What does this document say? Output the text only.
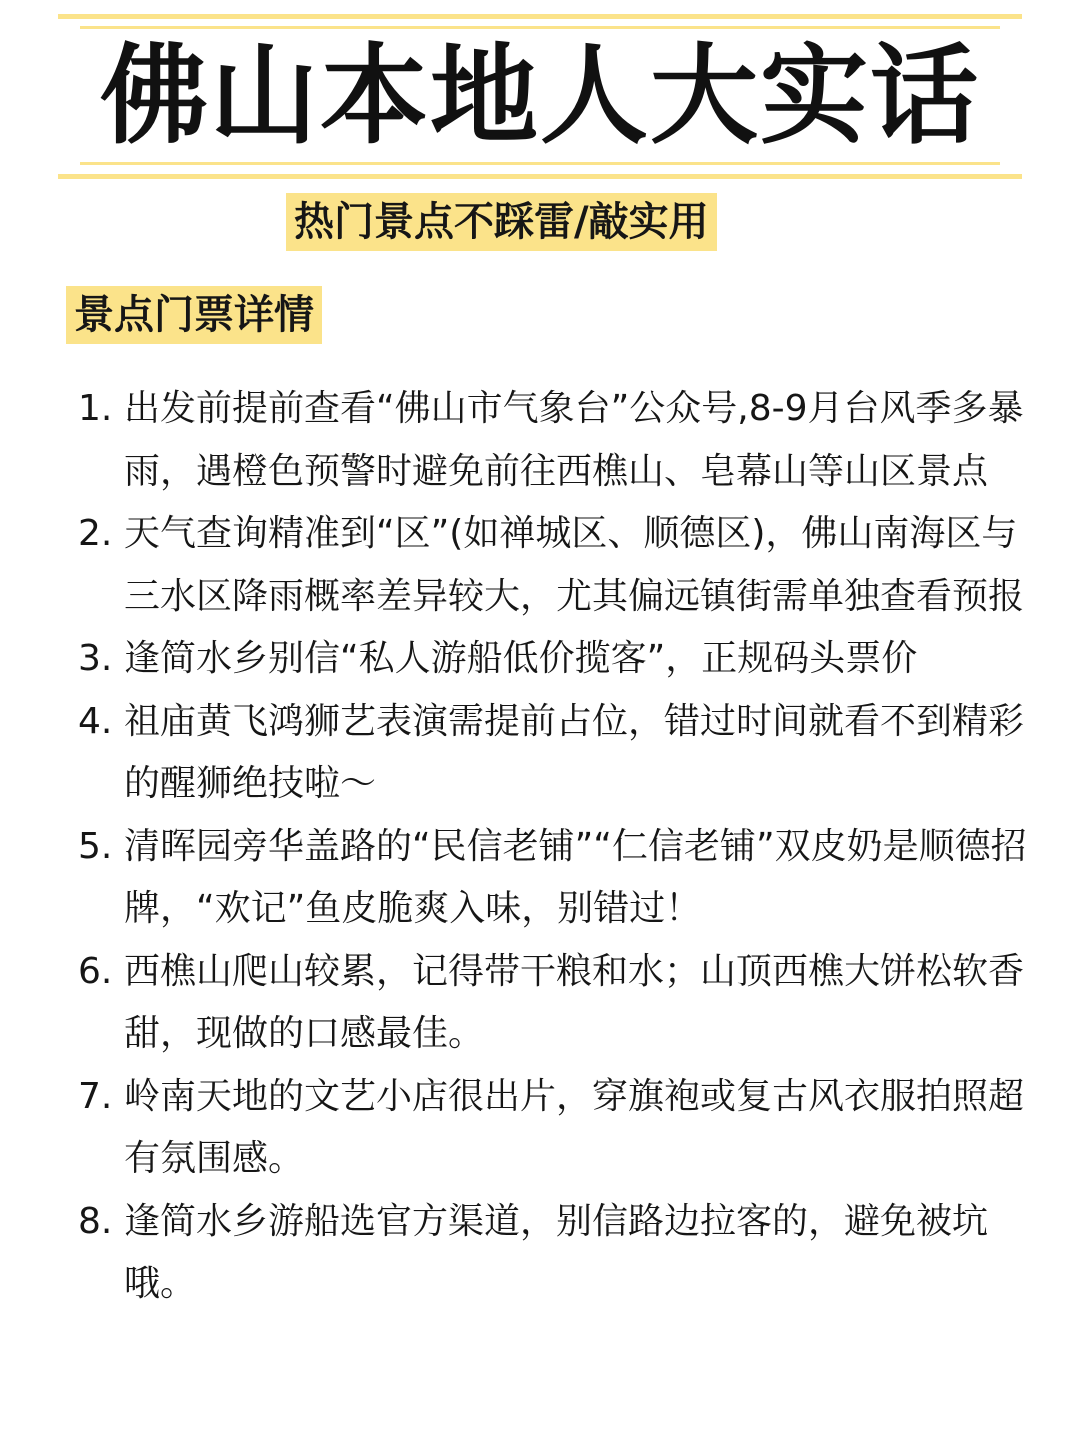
佛山本地人大实话
热门景点不踩雷/敲实用
景点门票详情
1. 出发前提前查看“佛山市气象台”公众号,8-9月台风季多暴雨，遇橙色预警时避免前往西樵山、皂幕山等山区景点
2. 天气查询精准到“区”(如禅城区、顺德区)，佛山南海区与三水区降雨概率差异较大，尤其偏远镇街需单独查看预报
3. 逢简水乡别信“私人游船低价揽客”，正规码头票价
4. 祖庙黄飞鸿狮艺表演需提前占位，错过时间就看不到精彩的醒狮绝技啦～
5. 清晖园旁华盖路的“民信老铺”“仁信老铺”双皮奶是顺德招牌，“欢记”鱼皮脆爽入味，别错过！
6. 西樵山爬山较累，记得带干粮和水；山顶西樵大饼松软香甜，现做的口感最佳。
7. 岭南天地的文艺小店很出片，穿旗袍或复古风衣服拍照超有氛围感。
8. 逢简水乡游船选官方渠道，别信路边拉客的，避免被坑哦。
